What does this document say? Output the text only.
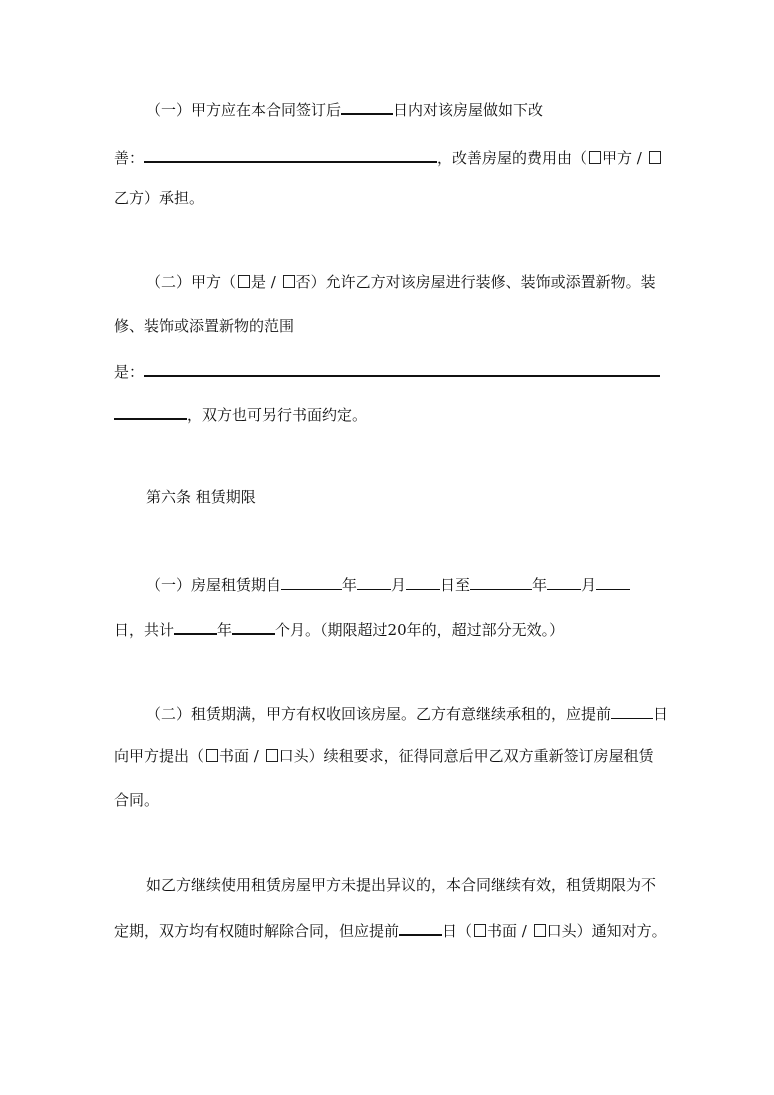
（一）甲方应在本合同签订后	日内对该房屋做如下改
善：	，改善房屋的费用由（ 甲方 /
乙方）承担。
（二）甲方（ 是 / 否）允许乙方对该房屋进行装修、装饰或添置新物。装
修、装饰或添置新物的范围
是：
，双方也可另行书面约定。
第六条 租赁期限
（一）房屋租赁期自	年 月 日至	年 月
日，共计	年	个月。（期限超过20年的，超过部分无效。）
（二）租赁期满，甲方有权收回该房屋。乙方有意继续承租的，应提前	日
向甲方提出（ 书面 / 口头）续租要求，征得同意后甲乙双方重新签订房屋租赁
合同。
如乙方继续使用租赁房屋甲方未提出异议的，本合同继续有效，租赁期限为不
定期，双方均有权随时解除合同，但应提前	日（ 书面 / 口头）通知对方。
